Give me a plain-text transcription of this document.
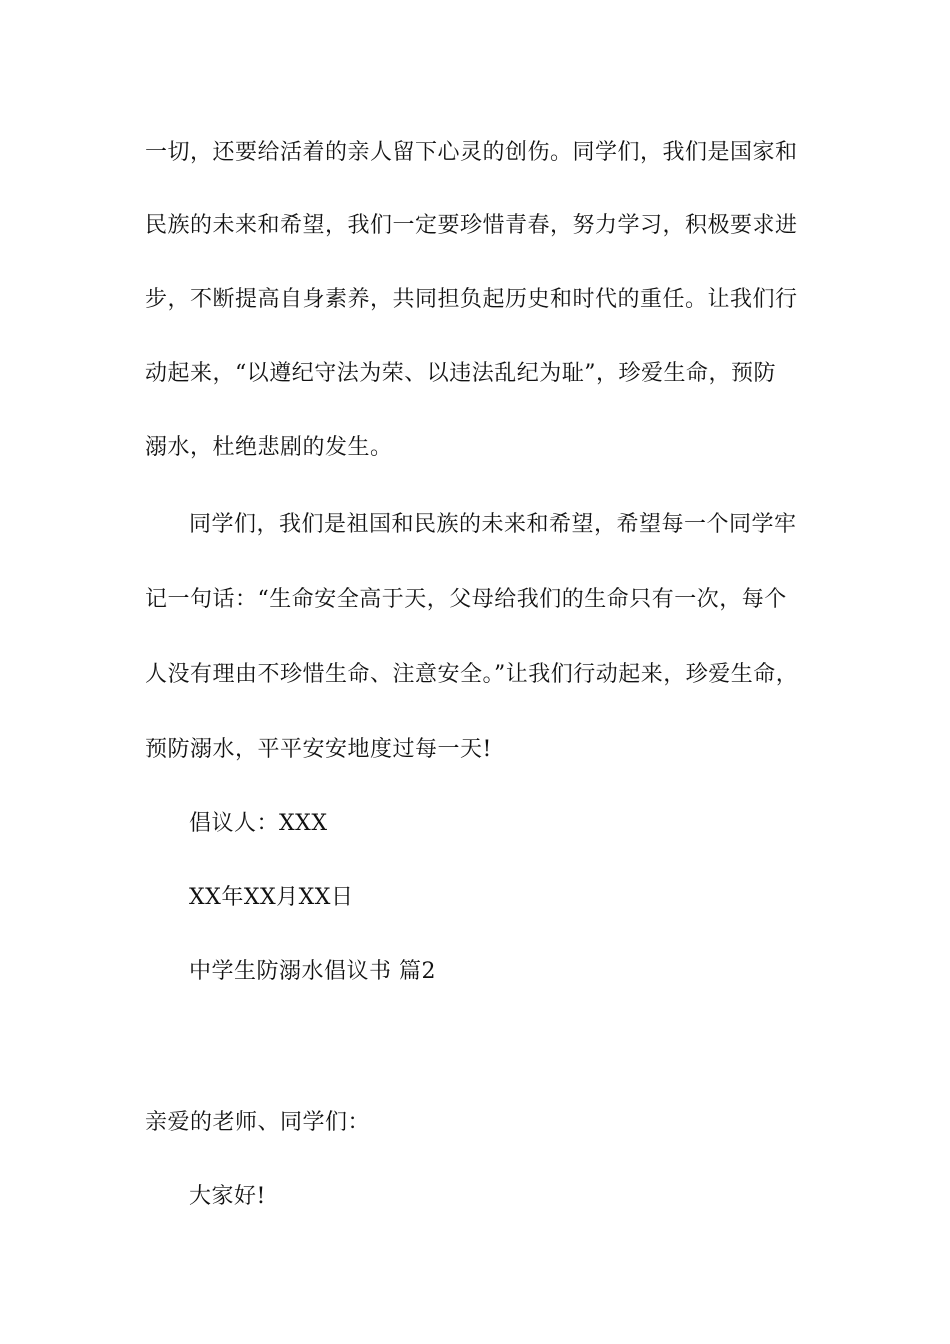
一切，还要给活着的亲人留下心灵的创伤。同学们，我们是国家和
民族的未来和希望，我们一定要珍惜青春，努力学习，积极要求进
步，不断提高自身素养，共同担负起历史和时代的重任。让我们行
动起来，“以遵纪守法为荣、以违法乱纪为耻”，珍爱生命，预防
溺水，杜绝悲剧的发生。
同学们，我们是祖国和民族的未来和希望，希望每一个同学牢
记一句话：“生命安全高于天，父母给我们的生命只有一次，每个
人没有理由不珍惜生命、注意安全。”让我们行动起来，珍爱生命，
预防溺水，平平安安地度过每一天!
倡议人：XXX
XX年XX月XX日
中学生防溺水倡议书 篇2
亲爱的老师、同学们：
大家好!
